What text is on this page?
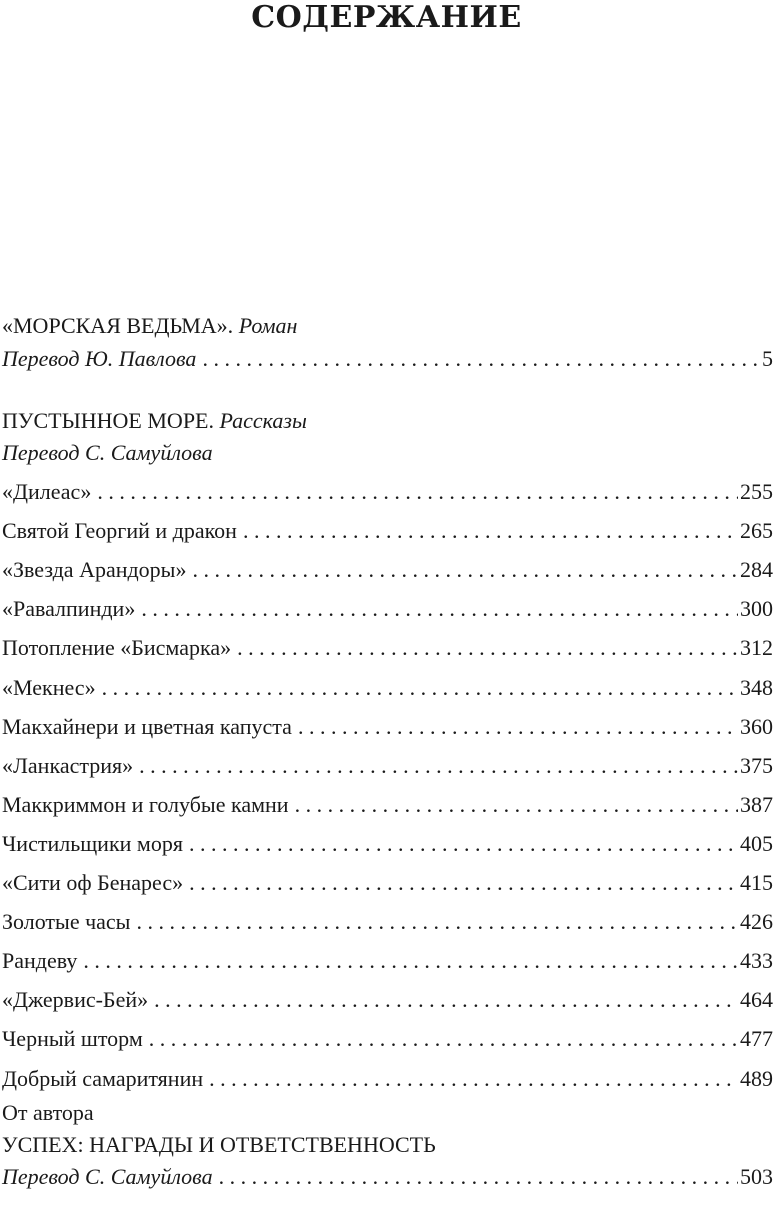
СОДЕРЖАНИЕ
«МОРСКАЯ ВЕДЬМА». Роман
Перевод Ю. Павлова . . .	5
ПУСТЫННОЕ МОРЕ. Рассказы
Перевод С. Самуйлова
«Дилеас» . . .	255
Святой Георгий и дракон . . .	265
«Звезда Арандоры» . . .	284
«Равалпинди» . . .	300
Потопление «Бисмарка» . . .	312
«Мекнес» . . .	348
Макхайнери и цветная капуста . . .	360
«Ланкастрия» . . .	375
Маккриммон и голубые камни . . .	387
Чистильщики моря . . .	405
«Сити оф Бенарес» . . .	415
Золотые часы . . .	426
Рандеву . . .	433
«Джервис-Бей» . . .	464
Черный шторм . . .	477
Добрый самаритянин . . .	489
От автора
УСПЕХ: НАГРАДЫ И ОТВЕТСТВЕННОСТЬ
Перевод С. Самуйлова . . .	503
